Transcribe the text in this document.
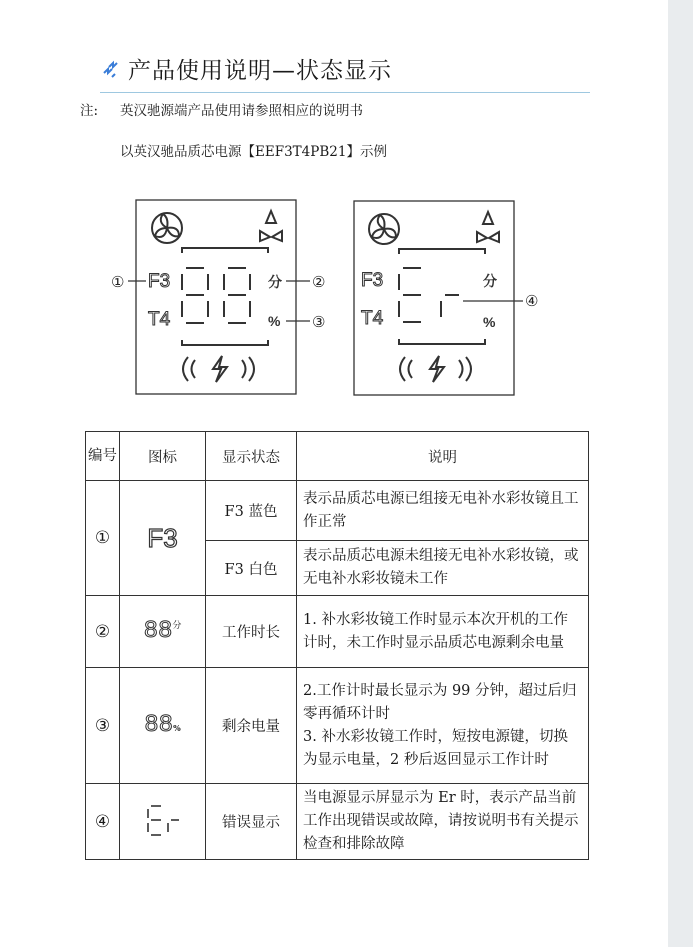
产品使用说明—状态显示
注: 英汉驰源端产品使用请参照相应的说明书
以英汉驰品质芯电源【EEF3T4PB21】示例
F3
T4
分
%
①	②
③
F3
T4
分
%
④
编号	图标	显示状态	说明
①	F3	F3 蓝色	表示品质芯电源已组接无电补水彩妆镜且工作正常
		F3 白色	表示品质芯电源未组接无电补水彩妆镜，或无电补水彩妆镜未工作
②	$88^分$	工作时长	1. 补水彩妆镜工作时显示本次开机的工作计时，未工作时显示品质芯电源剩余电量
③	88%	剩余电量	2.工作计时最长显示为 99 分钟，超过后归零再循环计时
3. 补水彩妆镜工作时，短按电源键，切换为显示电量，2 秒后返回显示工作计时

④		错误显示	当电源显示屏显示为 Er 时，表示产品当前工作出现错误或故障，请按说明书有关提示检查和排除故障
